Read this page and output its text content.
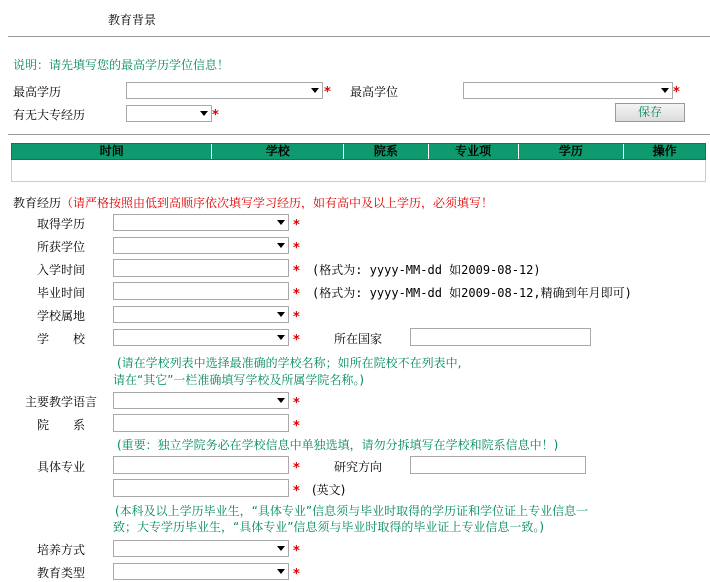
教育背景
说明：请先填写您的最高学历学位信息！
最高学历	* 最高学位	*
有无大专经历	*	保存
时间	学校	院系	专业项	学历	操作
教育经历（请严格按照由低到高顺序依次填写学习经历，如有高中及以上学历，必须填写！
取得学历	*
所获学位	*
入学时间	* (格式为: yyyy-MM-dd 如2009-08-12)
毕业时间	* (格式为: yyyy-MM-dd 如2009-08-12,精确到年月即可)
学校属地	*
学　　校	*	所在国家
(请在学校列表中选择最准确的学校名称；如所在院校不在列表中,
请在“其它”一栏准确填写学校及所属学院名称。)
主要教学语言	*
院　　系	*
(重要：独立学院务必在学校信息中单独选填，请勿分拆填写在学校和院系信息中！)
具体专业	*	研究方向
* (英文)
(本科及以上学历毕业生，“具体专业”信息须与毕业时取得的学历证和学位证上专业信息一
致；大专学历毕业生，“具体专业”信息须与毕业时取得的毕业证上专业信息一致。)
培养方式	*
教育类型	*
